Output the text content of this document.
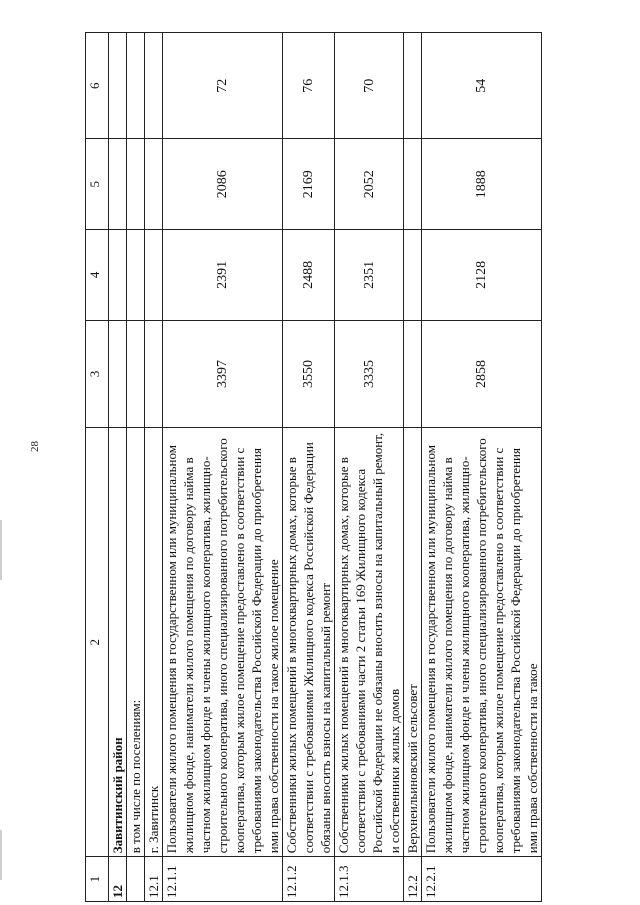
28
1	2	3	4	5	6
12	Завитинский район				
	в том числе по поселениям:				
12.1	г. Завитинск				
12.1.1	Пользователи жилого помещения в государственном или муниципальном жилищном фонде, наниматели жилого помещения по договору найма в частном жилищном фонде и члены жилищного кооператива, жилищно-строительного кооператива, иного специализированного потребительского кооператива, которым жилое помещение предоставлено в соответствии с требованиями законодательства Российской Федерации до приобретения ими права собственности на такое жилое помещение	3397	2391	2086	72
12.1.2	Собственники жилых помещений в многоквартирных домах, которые в соответствии с требованиями Жилищного кодекса Российской Федерации обязаны вносить взносы на капитальный ремонт	3550	2488	2169	76
12.1.3	Собственники жилых помещений в многоквартирных домах, которые в соответствии с требованиями части 2 статьи 169 Жилищного кодекса Российской Федерации не обязаны вносить взносы на капитальный ремонт, и собственники жилых домов	3335	2351	2052	70
12.2	Верхнеильиновский сельсовет				
12.2.1	Пользователи жилого помещения в государственном или муниципальном жилищном фонде, наниматели жилого помещения по договору найма в частном жилищном фонде и члены жилищного кооператива, жилищно-строительного кооператива, иного специализированного потребительского кооператива, которым жилое помещение предоставлено в соответствии с требованиями законодательства Российской Федерации до приобретения ими права собственности на такое	2858	2128	1888	54
